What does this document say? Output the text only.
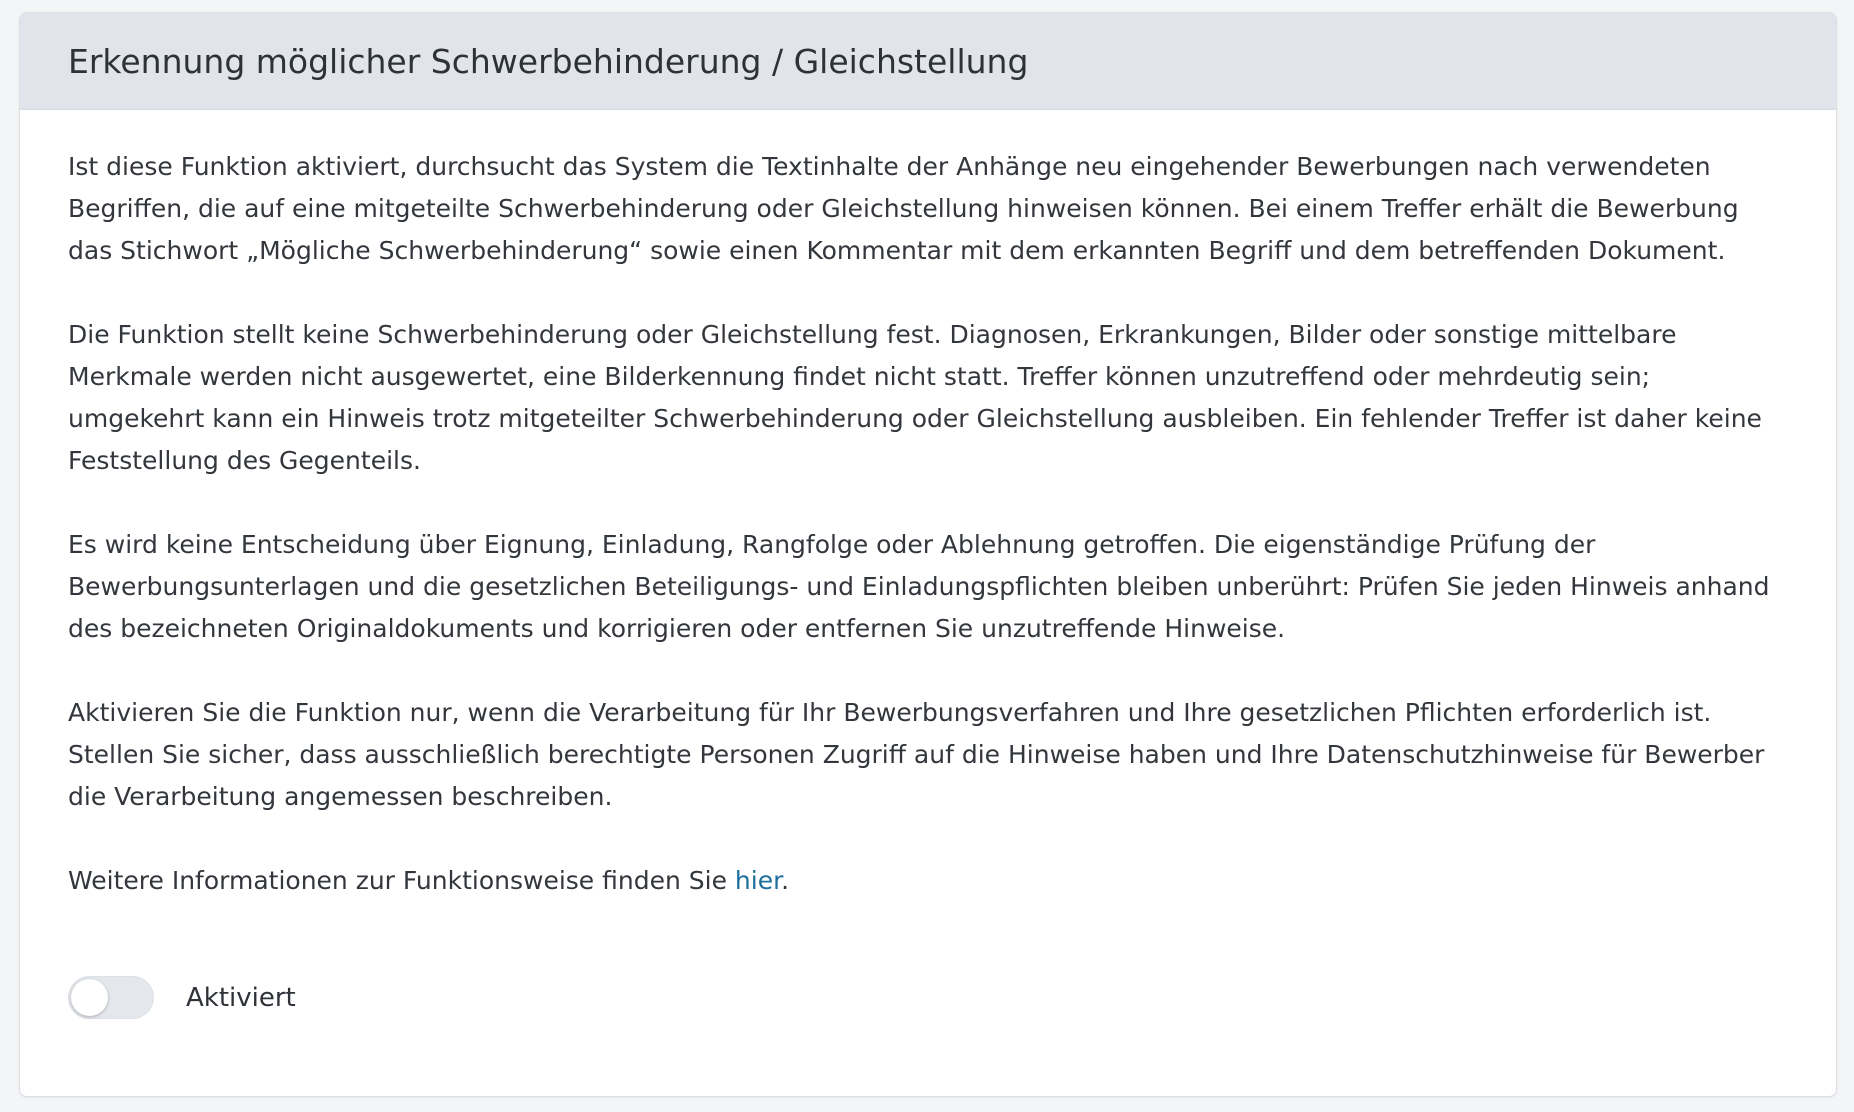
Erkennung möglicher Schwerbehinderung / Gleichstellung

Ist diese Funktion aktiviert, durchsucht das System die Textinhalte der Anhänge neu eingehender Bewerbungen nach verwendeten Begriffen, die auf eine mitgeteilte Schwerbehinderung oder Gleichstellung hinweisen können. Bei einem Treffer erhält die Bewerbung das Stichwort „Mögliche Schwerbehinderung“ sowie einen Kommentar mit dem erkannten Begriff und dem betreffenden Dokument.

Die Funktion stellt keine Schwerbehinderung oder Gleichstellung fest. Diagnosen, Erkrankungen, Bilder oder sonstige mittelbare Merkmale werden nicht ausgewertet, eine Bilderkennung findet nicht statt. Treffer können unzutreffend oder mehrdeutig sein; umgekehrt kann ein Hinweis trotz mitgeteilter Schwerbehinderung oder Gleichstellung ausbleiben. Ein fehlender Treffer ist daher keine Feststellung des Gegenteils.

Es wird keine Entscheidung über Eignung, Einladung, Rangfolge oder Ablehnung getroffen. Die eigenständige Prüfung der Bewerbungsunterlagen und die gesetzlichen Beteiligungs- und Einladungspflichten bleiben unberührt: Prüfen Sie jeden Hinweis anhand des bezeichneten Originaldokuments und korrigieren oder entfernen Sie unzutreffende Hinweise.

Aktivieren Sie die Funktion nur, wenn die Verarbeitung für Ihr Bewerbungsverfahren und Ihre gesetzlichen Pflichten erforderlich ist. Stellen Sie sicher, dass ausschließlich berechtigte Personen Zugriff auf die Hinweise haben und Ihre Datenschutzhinweise für Bewerber die Verarbeitung angemessen beschreiben.

Weitere Informationen zur Funktionsweise finden Sie hier.

Aktiviert
